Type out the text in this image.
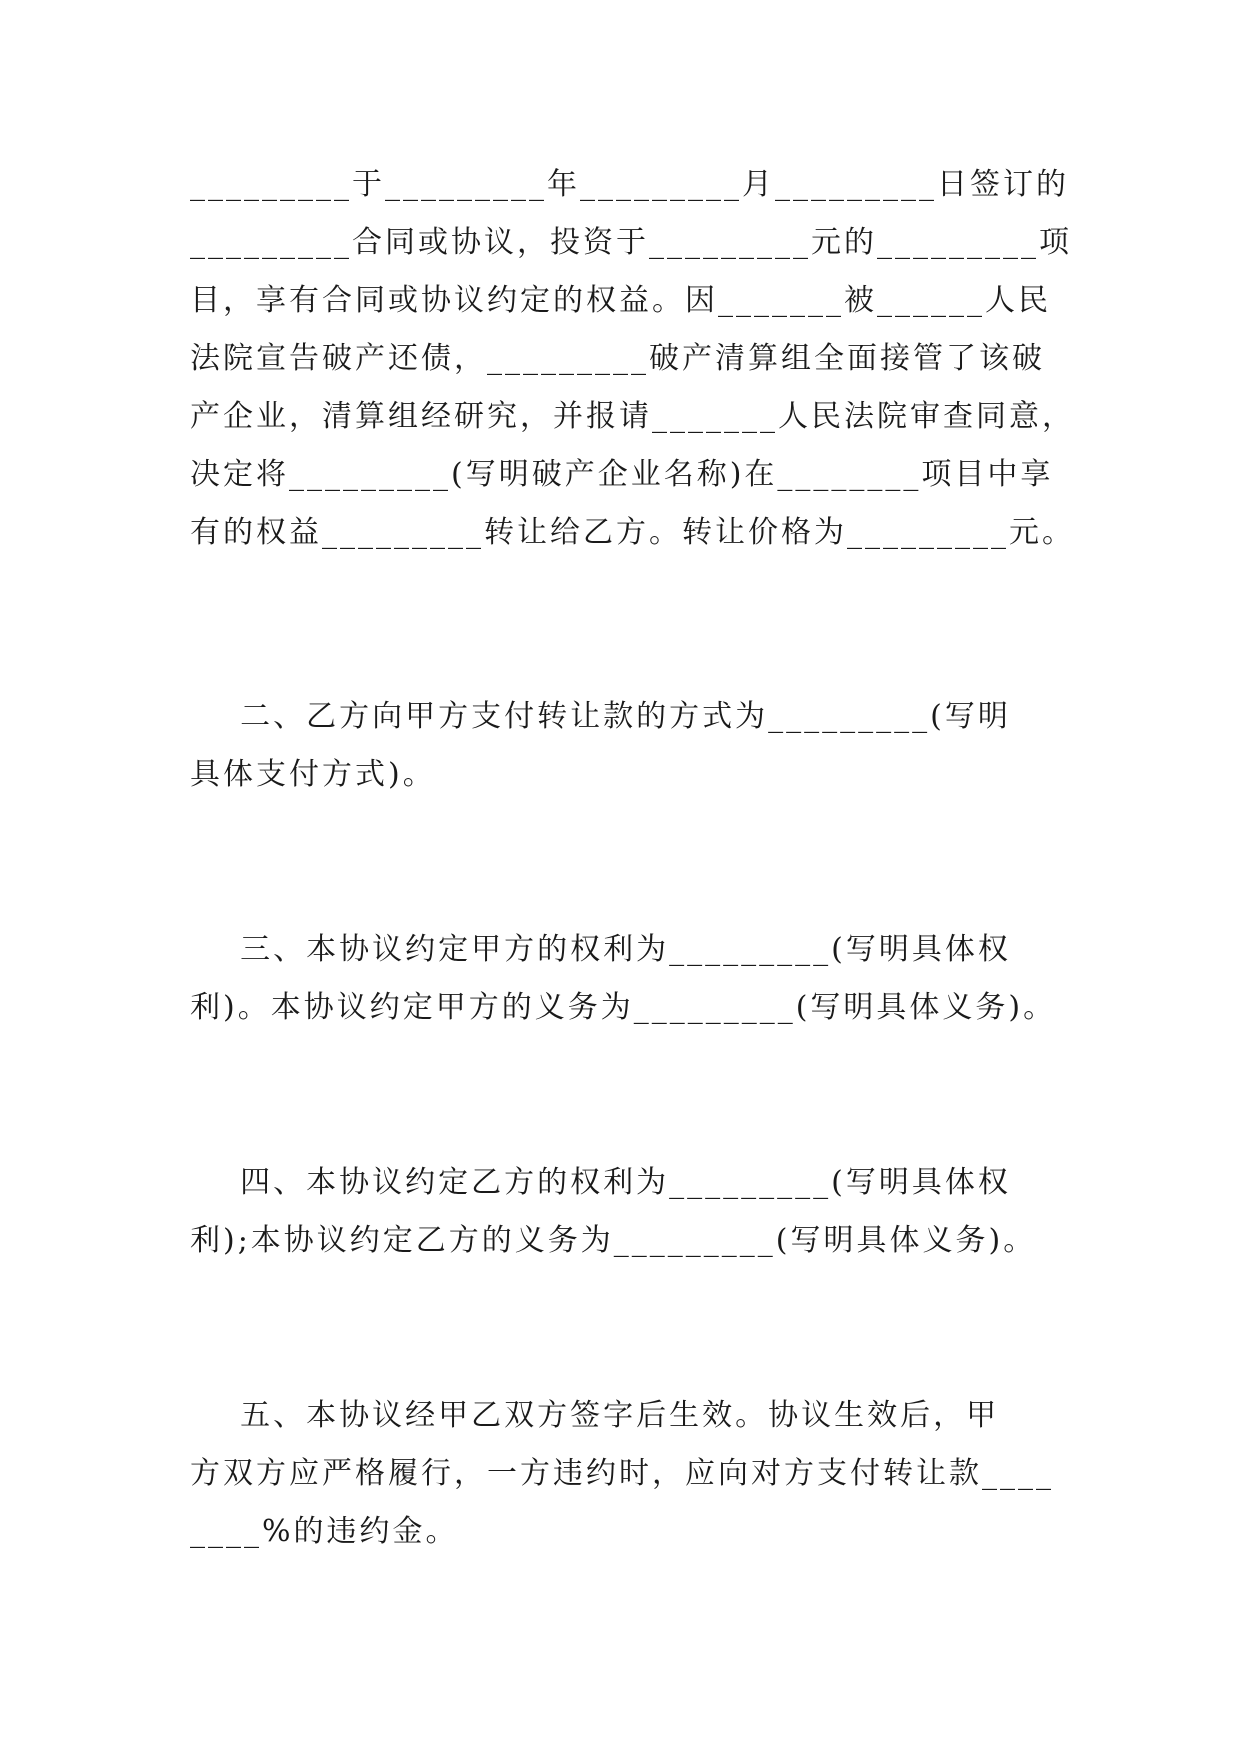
_________于_________年_________月_________日签订的
_________合同或协议，投资于_________元的_________项
目，享有合同或协议约定的权益。因_______被______人民
法院宣告破产还债，_________破产清算组全面接管了该破
产企业，清算组经研究，并报请_______人民法院审查同意，
决定将_________(写明破产企业名称)在________项目中享
有的权益_________转让给乙方。转让价格为_________元。

二、乙方向甲方支付转让款的方式为_________(写明
具体支付方式)。

三、本协议约定甲方的权利为_________(写明具体权
利)。本协议约定甲方的义务为_________(写明具体义务)。

四、本协议约定乙方的权利为_________(写明具体权
利);本协议约定乙方的义务为_________(写明具体义务)。

五、本协议经甲乙双方签字后生效。协议生效后，甲
方双方应严格履行，一方违约时，应向对方支付转让款____
____%的违约金。
